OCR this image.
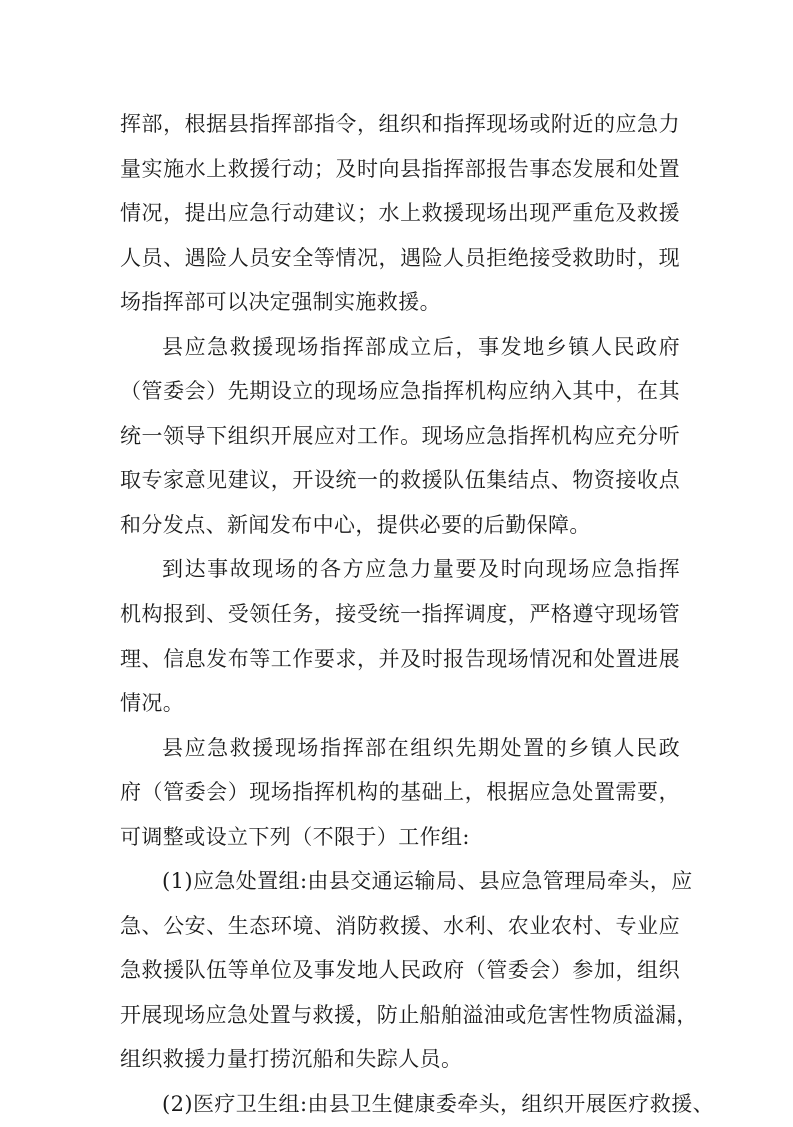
挥部，根据县指挥部指令，组织和指挥现场或附近的应急力
量实施水上救援行动；及时向县指挥部报告事态发展和处置
情况，提出应急行动建议；水上救援现场出现严重危及救援
人员、遇险人员安全等情况，遇险人员拒绝接受救助时，现
场指挥部可以决定强制实施救援。
县应急救援现场指挥部成立后，事发地乡镇人民政府
（管委会）先期设立的现场应急指挥机构应纳入其中，在其
统一领导下组织开展应对工作。现场应急指挥机构应充分听
取专家意见建议，开设统一的救援队伍集结点、物资接收点
和分发点、新闻发布中心，提供必要的后勤保障。
到达事故现场的各方应急力量要及时向现场应急指挥
机构报到、受领任务，接受统一指挥调度，严格遵守现场管
理、信息发布等工作要求，并及时报告现场情况和处置进展
情况。
县应急救援现场指挥部在组织先期处置的乡镇人民政
府（管委会）现场指挥机构的基础上，根据应急处置需要，
可调整或设立下列（不限于）工作组:
(1)应急处置组:由县交通运输局、县应急管理局牵头，应
急、公安、生态环境、消防救援、水利、农业农村、专业应
急救援队伍等单位及事发地人民政府（管委会）参加，组织
开展现场应急处置与救援，防止船舶溢油或危害性物质溢漏，
组织救援力量打捞沉船和失踪人员。
(2)医疗卫生组:由县卫生健康委牵头，组织开展医疗救援、
